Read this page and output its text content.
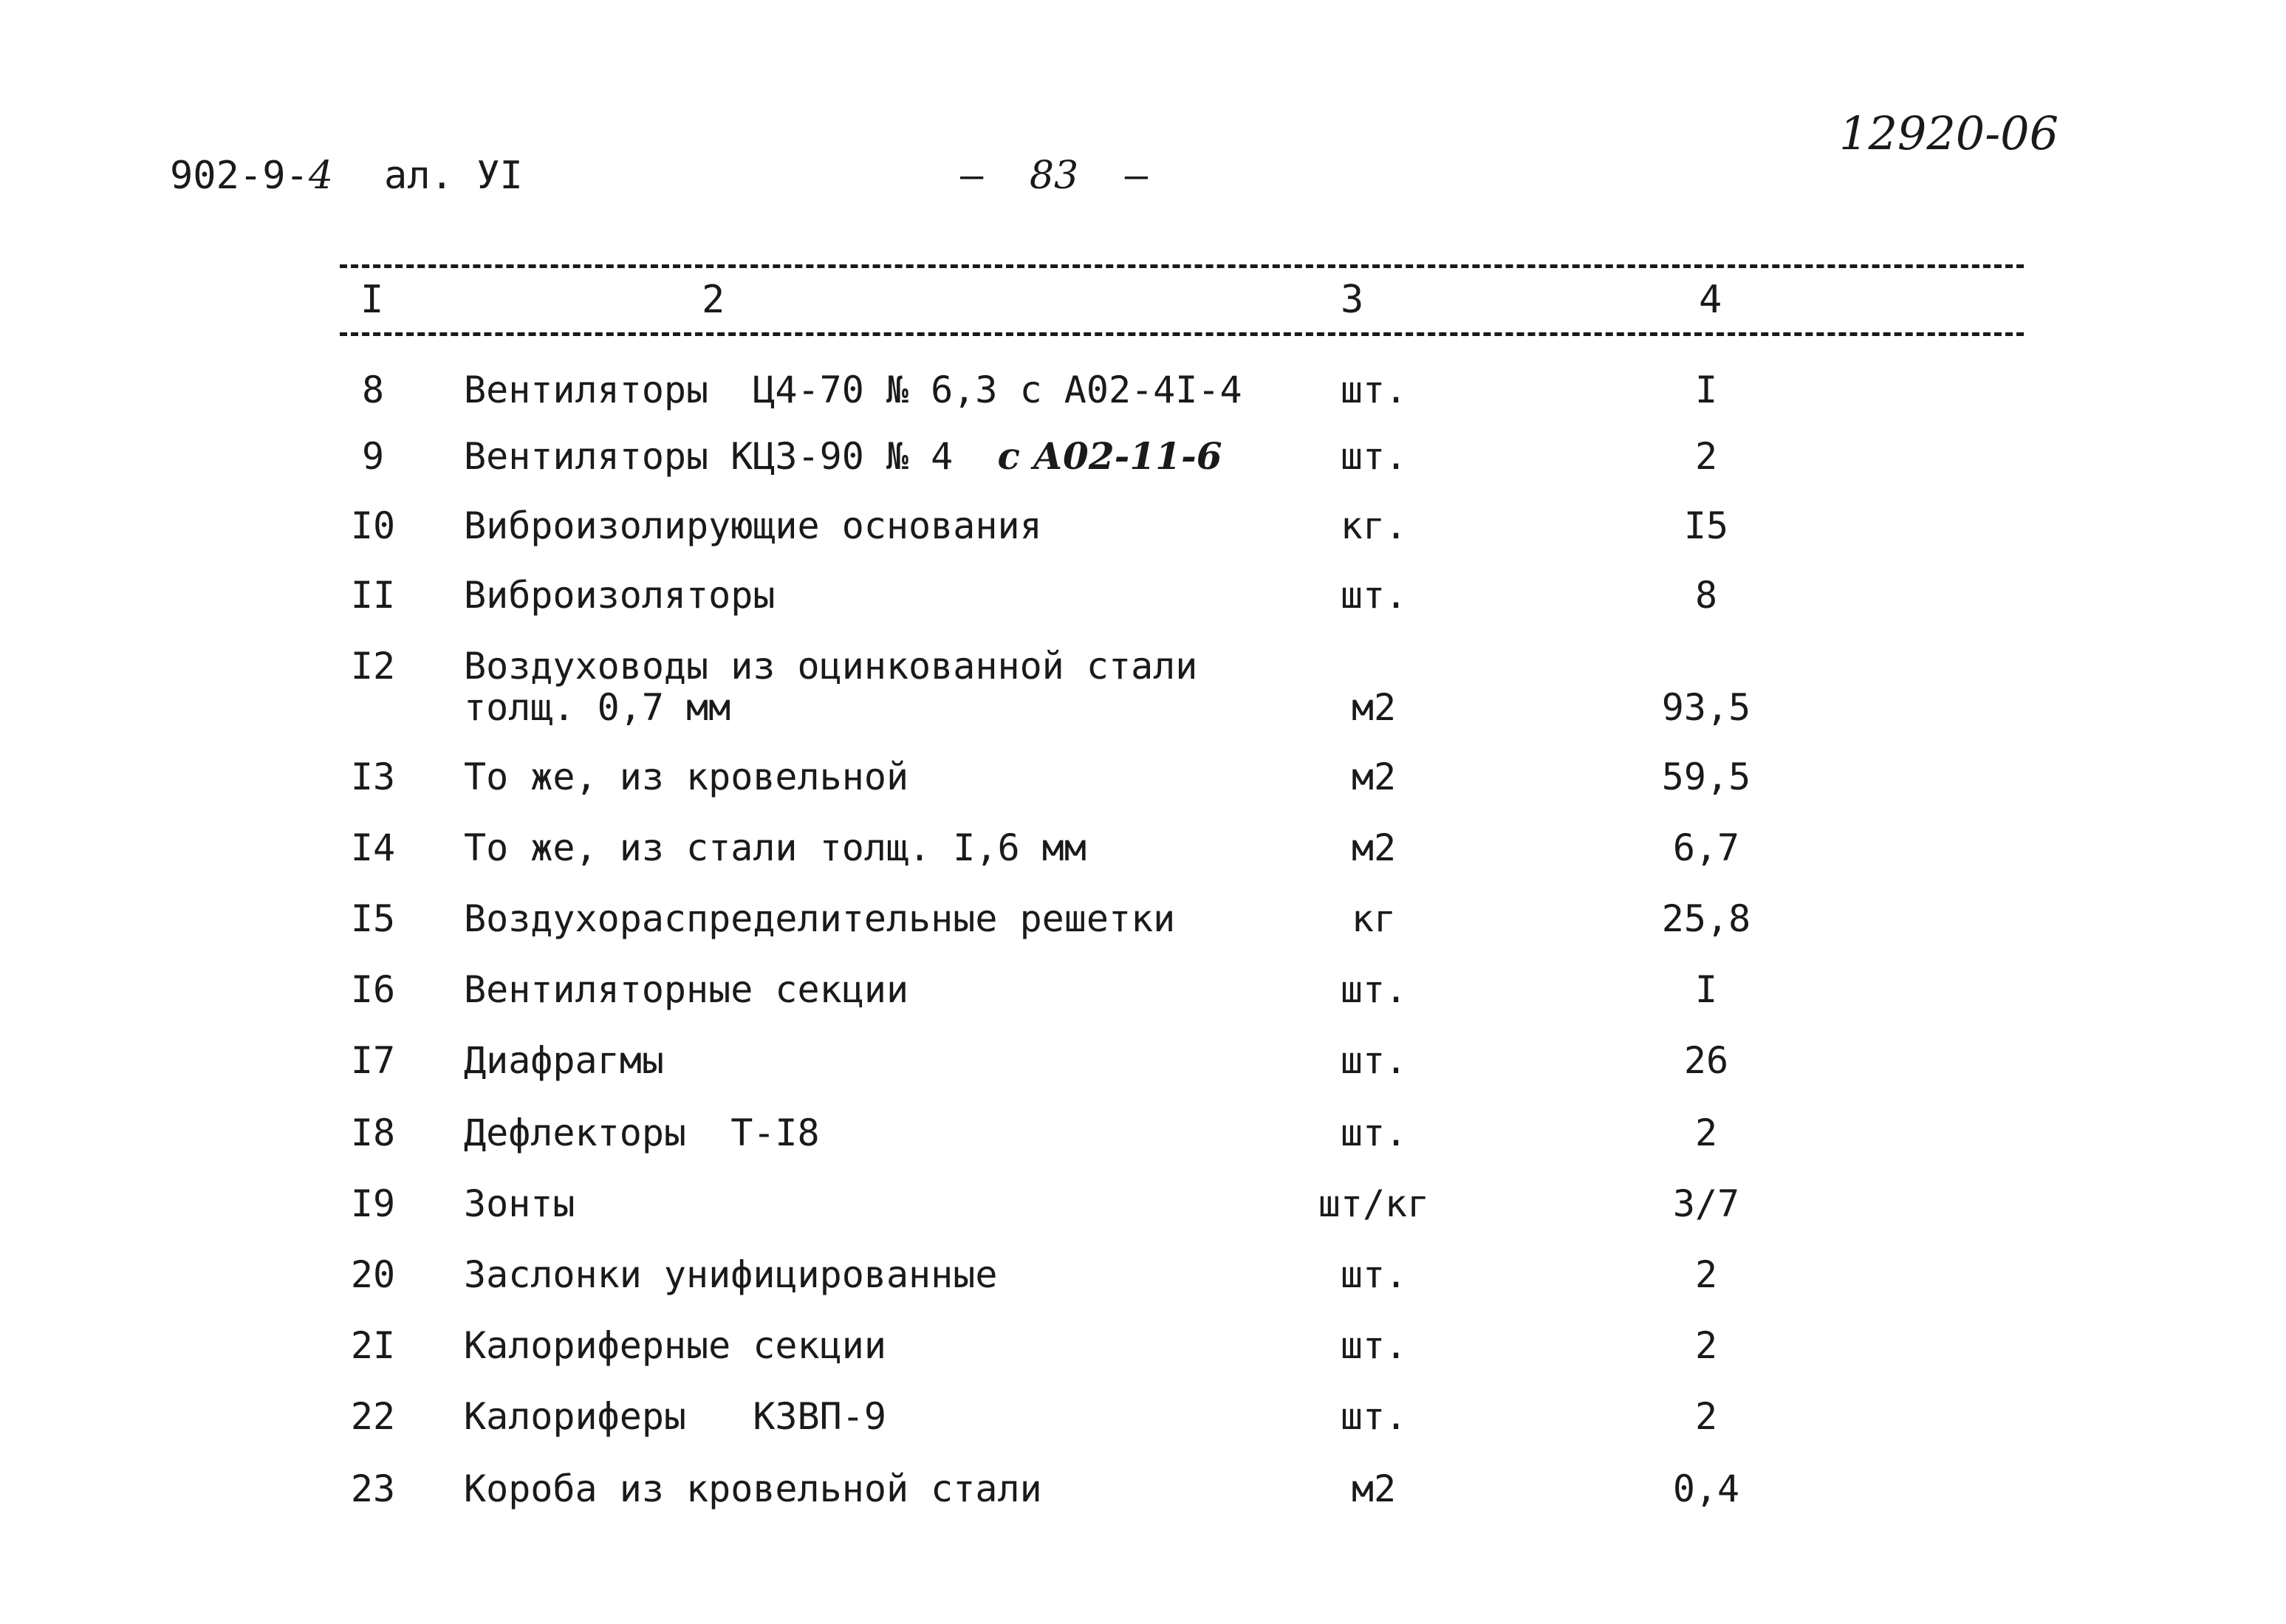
902-9-4 ал. УI	–  83  –
12920-06
I	2	3	4
8	Вентиляторы  Ц4-70 № 6,3 с А02-4I-4	шт.	I
9	Вентиляторы КЦ3-90 № 4  с А02-11-6	шт.	2
I0	Виброизолирующие основания	кг.	I5
II	Виброизоляторы	шт.	8
I2	Воздуховоды из оцинкованной стали
толщ. 0,7 мм	м2	93,5
I3	То же, из кровельной	м2	59,5
I4	То же, из стали толщ. I,6 мм	м2	6,7
I5	Воздухораспределительные решетки	кг	25,8
I6	Вентиляторные секции	шт.	I
I7	Диафрагмы	шт.	26
I8	Дефлекторы  Т-I8	шт.	2
I9	Зонты	шт/кг	3/7
20	Заслонки унифицированные	шт.	2
2I	Калориферные секции	шт.	2
22	Калориферы   КЗВП-9	шт.	2
23	Короба из кровельной стали	м2	0,4
